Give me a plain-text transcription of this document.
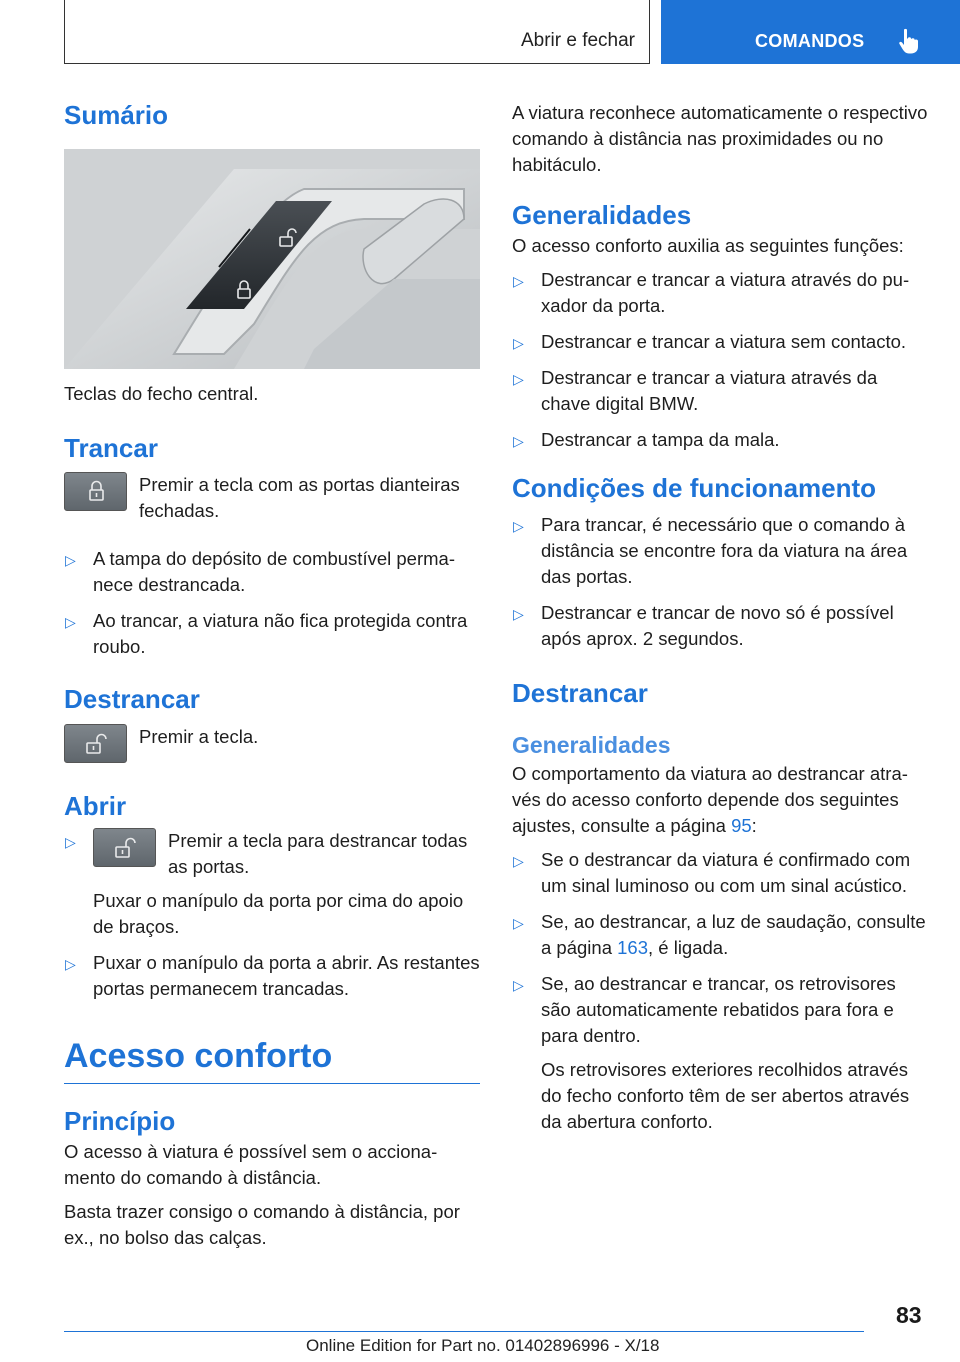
Abrir e fechar	COMANDOS
Sumário

Teclas do fecho central.

Trancar

Premir a tecla com as portas dianteiras fechadas.

▷ A tampa do depósito de combustível permanece destrancada.
▷ Ao trancar, a viatura não fica protegida contra roubo.
Destrancar

Premir a tecla.

Abrir
▷	Premir a tecla para destrancar todas as portas.
Puxar o manípulo da porta por cima do apoio de braços.
▷ Puxar o manípulo da porta a abrir. As restantes portas permanecem trancadas.
Acesso conforto
Princípio

O acesso à viatura é possível sem o accionamento do comando à distância.

Basta trazer consigo o comando à distância, por ex., no bolso das calças.

A viatura reconhece automaticamente o respectivo comando à distância nas proximidades ou no habitáculo.

Generalidades

O acesso conforto auxilia as seguintes funções:

▷ Destrancar e trancar a viatura através do puxador da porta.
▷ Destrancar e trancar a viatura sem contacto.
▷ Destrancar e trancar a viatura através da chave digital BMW.
▷ Destrancar a tampa da mala.
Condições de funcionamento
▷ Para trancar, é necessário que o comando à distância se encontre fora da viatura na área das portas.
▷ Destrancar e trancar de novo só é possível após aprox. 2 segundos.
Destrancar
Generalidades

O comportamento da viatura ao destrancar através do acesso conforto depende dos seguintes ajustes, consulte a página 95:

▷ Se o destrancar da viatura é confirmado com um sinal luminoso ou com um sinal acústico.
▷ Se, ao destrancar, a luz de saudação, consulte a página 163, é ligada.
▷ Se, ao destrancar e trancar, os retrovisores são automaticamente rebatidos para fora e para dentro.
Os retrovisores exteriores recolhidos através do fecho conforto têm de ser abertos através da abertura conforto.
83
Online Edition for Part no. 01402896996 - X/18
